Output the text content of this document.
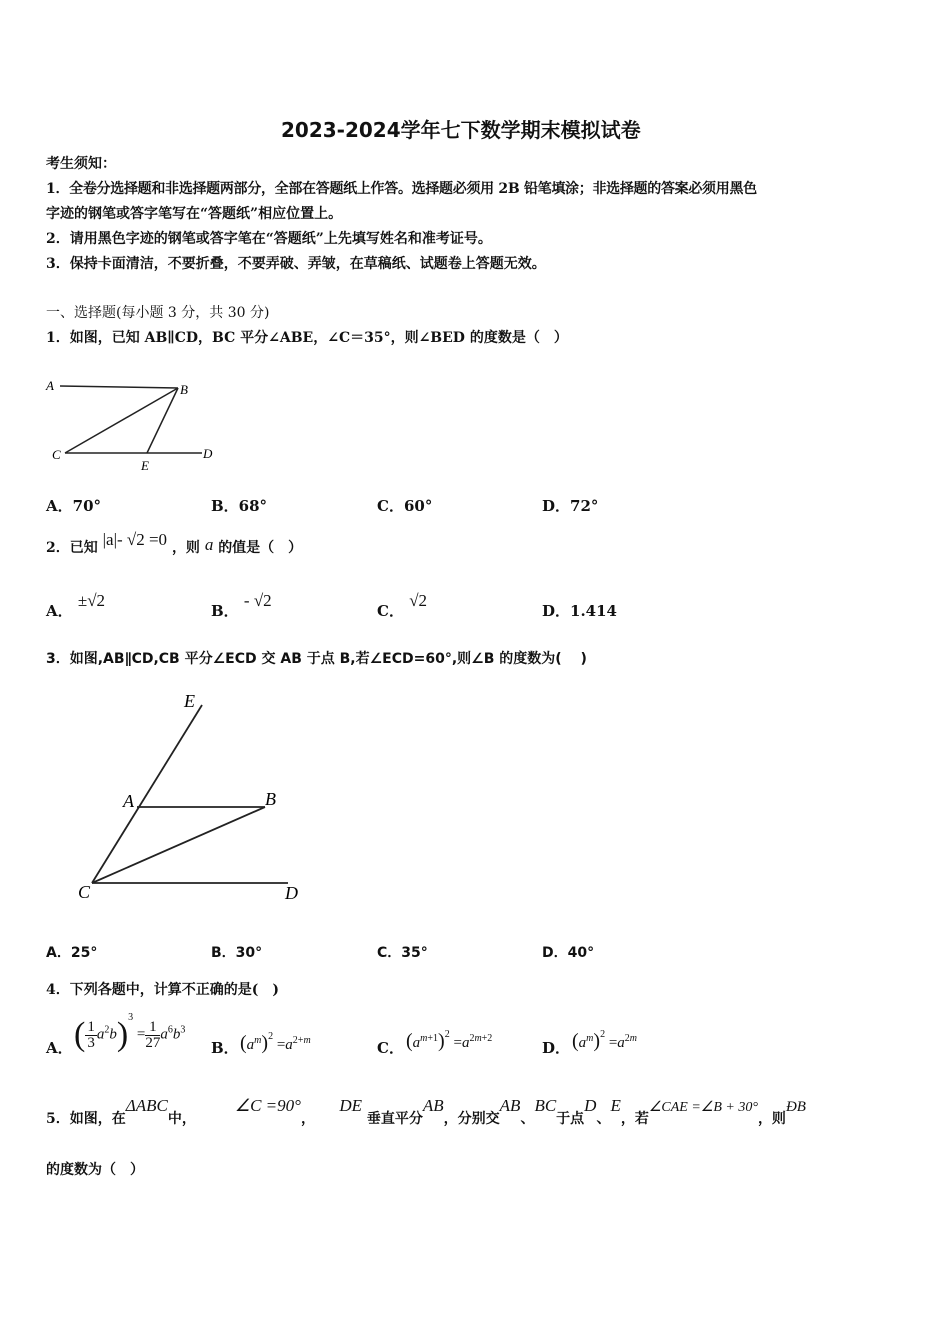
2023-2024学年七下数学期末模拟试卷
考生须知：
1．全卷分选择题和非选择题两部分，全部在答题纸上作答。选择题必须用 2B 铅笔填涂；非选择题的答案必须用黑色
字迹的钢笔或答字笔写在“答题纸”相应位置上。
2．请用黑色字迹的钢笔或答字笔在“答题纸”上先填写姓名和准考证号。
3．保持卡面清洁，不要折叠，不要弄破、弄皱，在草稿纸、试题卷上答题无效。
一、选择题(每小题 3 分，共 30 分)
1．如图，已知 AB∥CD，BC 平分∠ABE，∠C＝35°，则∠BED 的度数是（　）
A	B
C
E
D
A．70°	B．68°	C．60°	D．72°
2．已知 |a|- √2 =0 ，则 a 的值是（　）
A． ±√2
B． - √2
C． √2
D．1.414
3．如图,AB∥CD,CB 平分∠ECD 交 AB 于点 B,若∠ECD=60°,则∠B 的度数为(　 )
E
A	B
C	D
A．25°	B．30°	C．35°	D．40°
4．下列各题中，计算不正确的是(　)
A． ( $\frac{1}{3} a^2b)^3 = \frac{1}{27} a^6b^3$
B． $(a^m)^2 =a^{2+m}$	C． $(a^{m+1})^2 =a^{2m+2}$
D． $(a^m)^2 =a^{2m}$
5．如图，在ΔABC中，        ∠C =90°，     DE 垂直平分AB，分别交AB、BC于点D、E，若∠CAE =∠B + 30°，则ÐB
的度数为（　）
